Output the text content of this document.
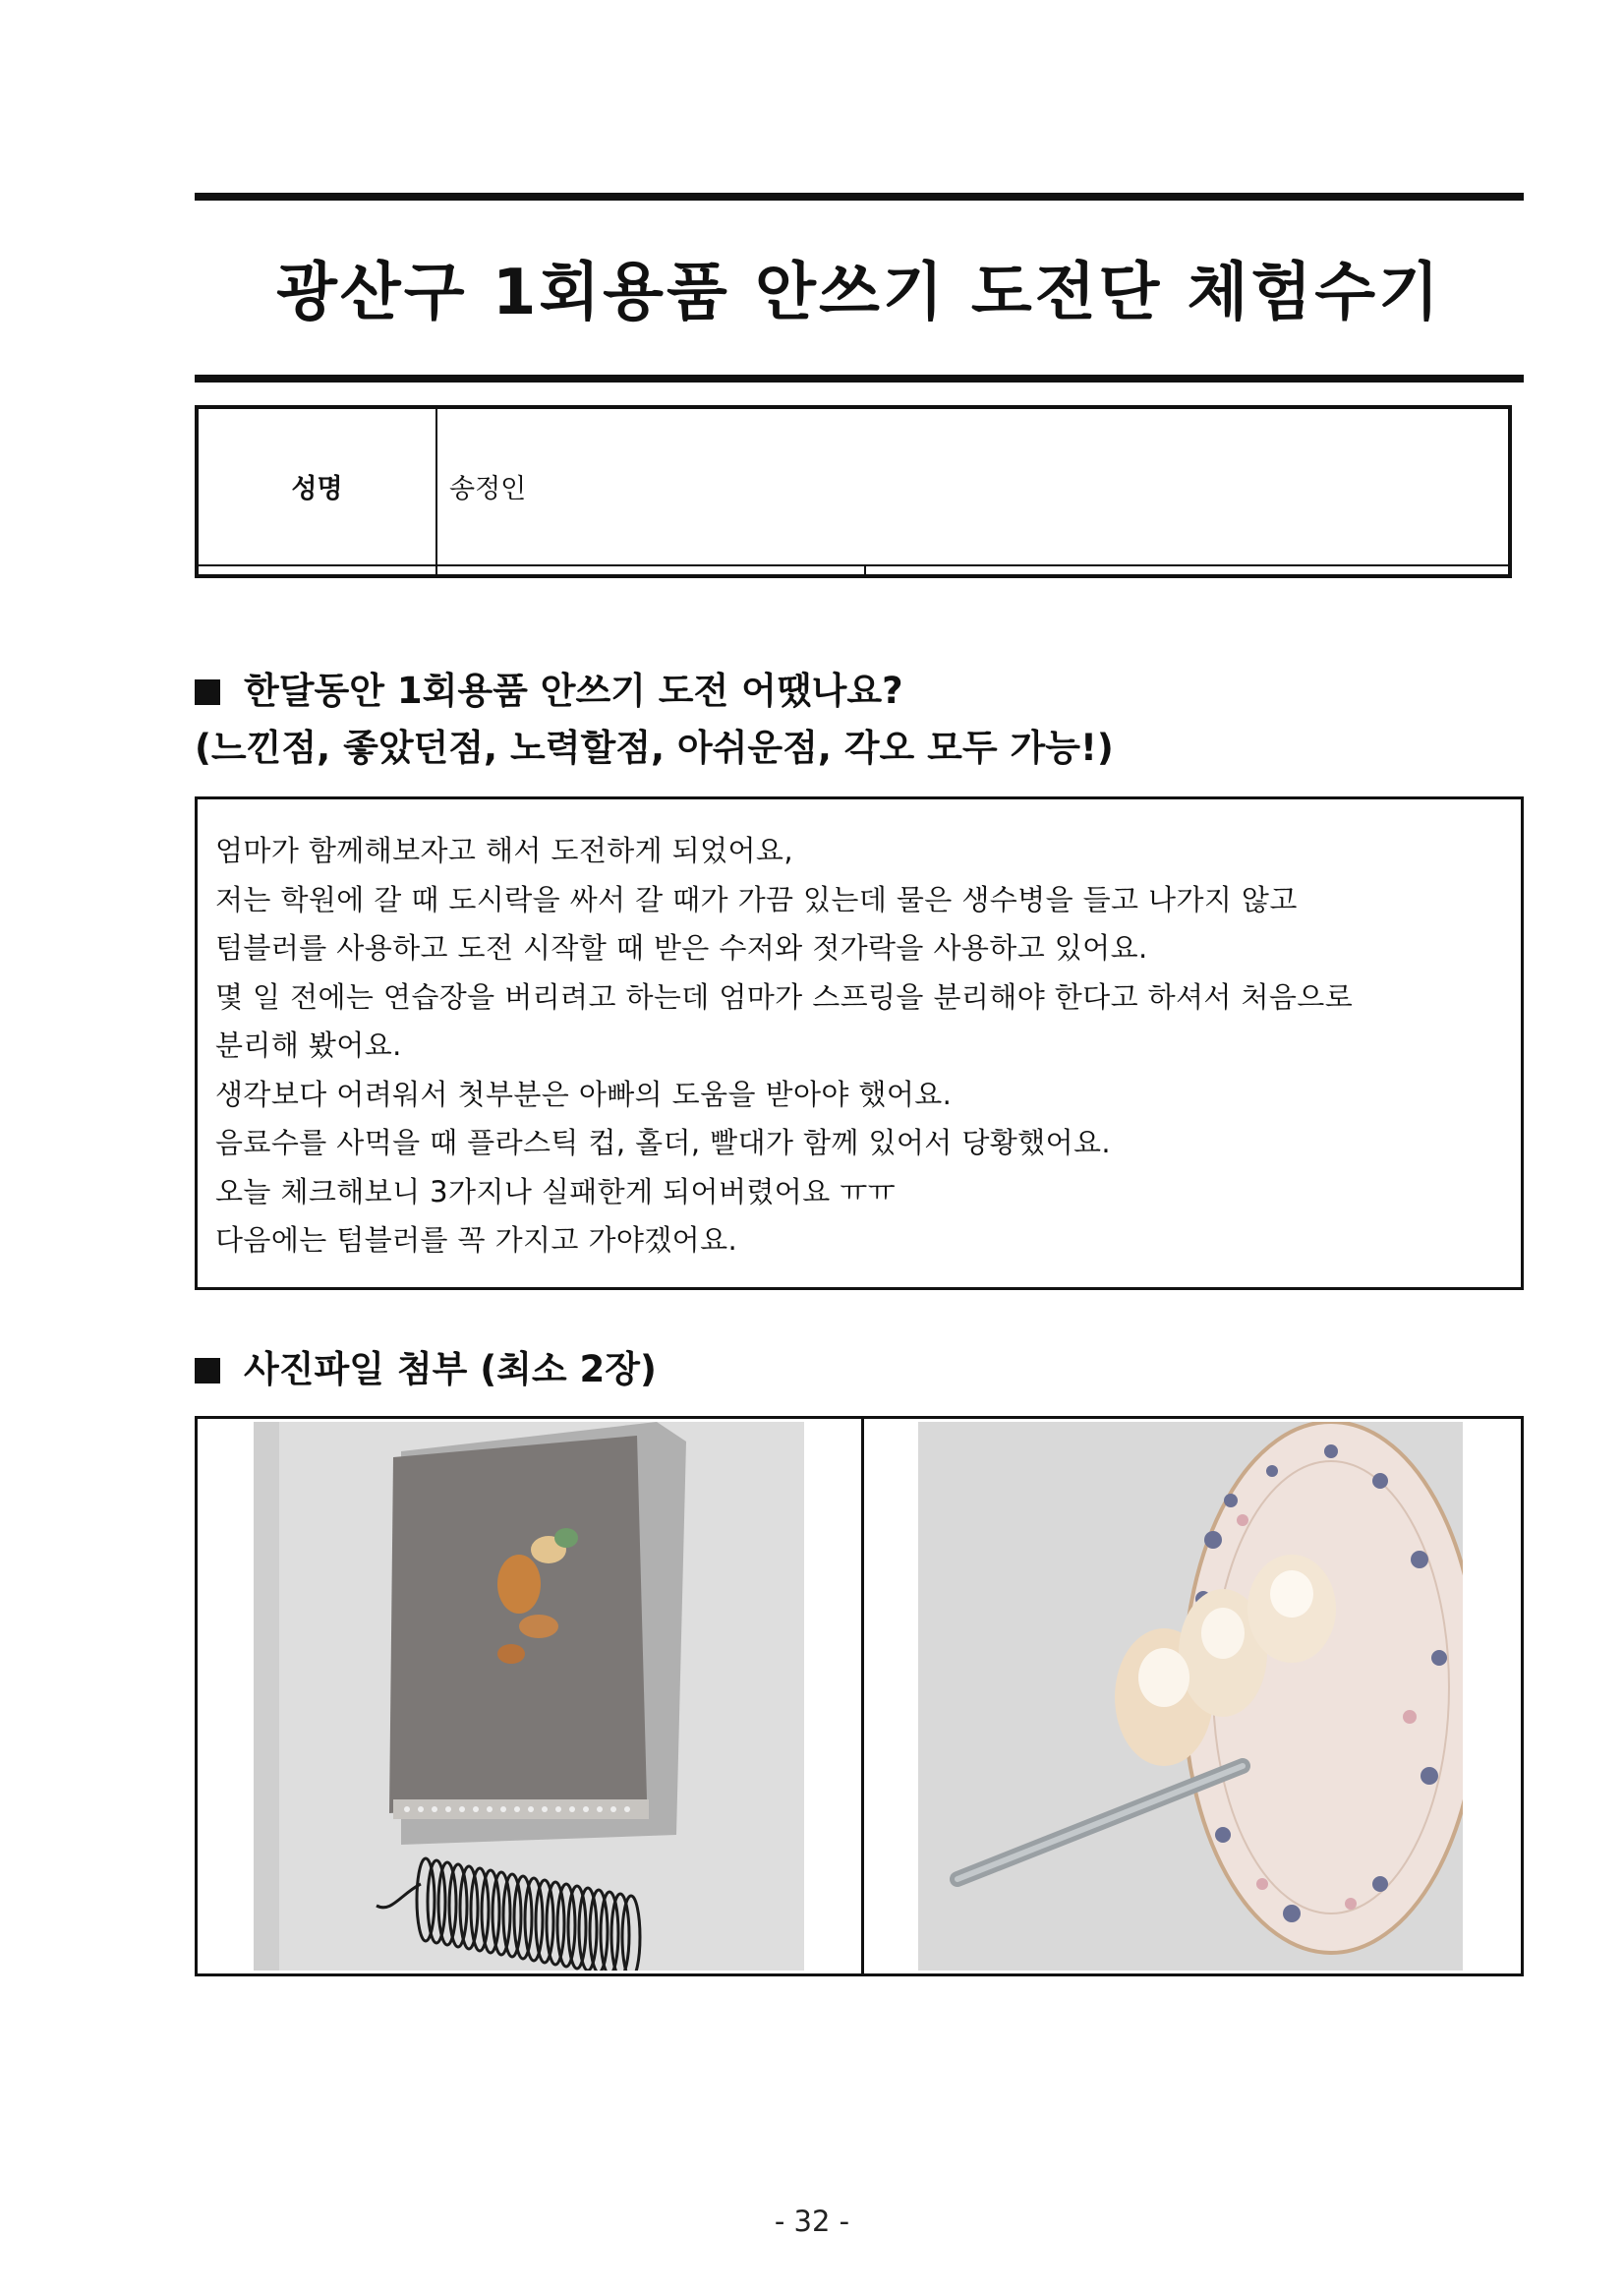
광산구 1회용품 안쓰기 도전단 체험수기
성명	송정인	

한달동안 1회용품 안쓰기 도전 어땠나요?
(느낀점, 좋았던점, 노력할점, 아쉬운점, 각오 모두 가능!)
엄마가 함께해보자고 해서 도전하게 되었어요,
저는 학원에 갈 때 도시락을 싸서 갈 때가 가끔 있는데 물은 생수병을 들고 나가지 않고
텀블러를 사용하고 도전 시작할 때 받은 수저와 젓가락을 사용하고 있어요.
몇 일 전에는 연습장을 버리려고 하는데 엄마가 스프링을 분리해야 한다고 하셔서 처음으로
분리해 봤어요.
생각보다 어려워서 첫부분은 아빠의 도움을 받아야 했어요.
음료수를 사먹을 때 플라스틱 컵, 홀더, 빨대가 함께 있어서 당황했어요.
오늘 체크해보니 3가지나 실패한게 되어버렸어요 ㅠㅠ
다음에는 텀블러를 꼭 가지고 가야겠어요.
사진파일 첨부 (최소 2장)
- 32 -
